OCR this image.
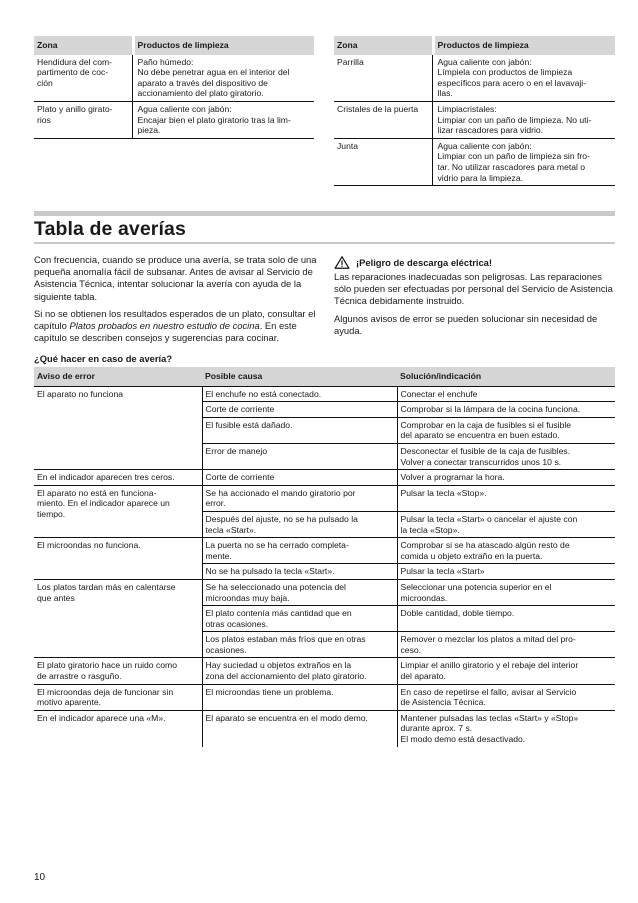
Zona		Productos de limpieza
Hendidura del com-
partimento de coc-
ción		Paño húmedo:
No debe penetrar agua en el interior del
aparato a través del dispositivo de
accionamiento del plato giratorio.
Plato y anillo girato-
rios		Agua caliente con jabón:
Encajar bien el plato giratorio tras la lim-
pieza.
Zona		Productos de limpieza
Parrilla		Agua caliente con jabón:
Límpiela con productos de limpieza
específicos para acero o en el lavavaji-
llas.
Cristales de la puerta		Limpiacristales:
Limpiar con un paño de limpieza. No uti-
lizar rascadores para vidrio.
Junta		Agua caliente con jabón:
Limpiar con un paño de limpieza sin fro-
tar. No utilizar rascadores para metal o
vidrio para la limpieza.
Tabla de averías

Con frecuencia, cuando se produce una avería, se trata solo de una pequeña anomalía fácil de subsanar. Antes de avisar al Servicio de Asistencia Técnica, intentar solucionar la avería con ayuda de la siguiente tabla.

Si no se obtienen los resultados esperados de un plato, consultar el capítulo Platos probados en nuestro estudio de cocina. En este capítulo se describen consejos y sugerencias para cocinar.

¡Peligro de descarga eléctrica!

Las reparaciones inadecuadas son peligrosas. Las reparaciones sólo pueden ser efectuadas por personal del Servicio de Asistencia Técnica debidamente instruido.

Algunos avisos de error se pueden solucionar sin necesidad de ayuda.

¿Qué hacer en caso de avería?
Aviso de error	Posible causa	Solución/indicación
El aparato no funciona	El enchufe no está conectado.	Conectar el enchufe
	Corte de corriente	Comprobar si la lámpara de la cocina funciona.
	El fusible está dañado.	Comprobar en la caja de fusibles si el fusible
del aparato se encuentra en buen estado.
	Error de manejo	Desconectar el fusible de la caja de fusibles.
Volver a conectar transcurridos unos 10 s.
En el indicador aparecen tres ceros.	Corte de corriente	Volver a programar la hora.
El aparato no está en funciona-
miento. En el indicador aparece un
tiempo.	Se ha accionado el mando giratorio por
error.	Pulsar la tecla «Stop».
	Después del ajuste, no se ha pulsado la
tecla «Start».	Pulsar la tecla «Start» o cancelar el ajuste con
la tecla «Stop».
El microondas no funciona.	La puerta no se ha cerrado completa-
mente.	Comprobar si se ha atascado algún resto de
comida u objeto extraño en la puerta.
	No se ha pulsado la tecla «Start».	Pulsar la tecla «Start»
Los platos tardan más en calentarse
que antes	Se ha seleccionado una potencia del
microondas muy baja.	Seleccionar una potencia superior en el
microondas.
	El plato contenía más cantidad que en
otras ocasiones.	Doble cantidad, doble tiempo.
	Los platos estaban más fríos que en otras
ocasiones.	Remover o mezclar los platos a mitad del pro-
ceso.
El plato giratorio hace un ruido como
de arrastre o rasguño.	Hay suciedad u objetos extraños en la
zona del accionamiento del plato giratorio.	Limpiar el anillo giratorio y el rebaje del interior
del aparato.
El microondas deja de funcionar sin
motivo aparente.	El microondas tiene un problema.	En caso de repetirse el fallo, avisar al Servicio
de Asistencia Técnica.
En el indicador aparece una «M».	El aparato se encuentra en el modo demo.	Mantener pulsadas las teclas «Start» y «Stop»
durante aprox. 7 s.
El modo demo está desactivado.
10
